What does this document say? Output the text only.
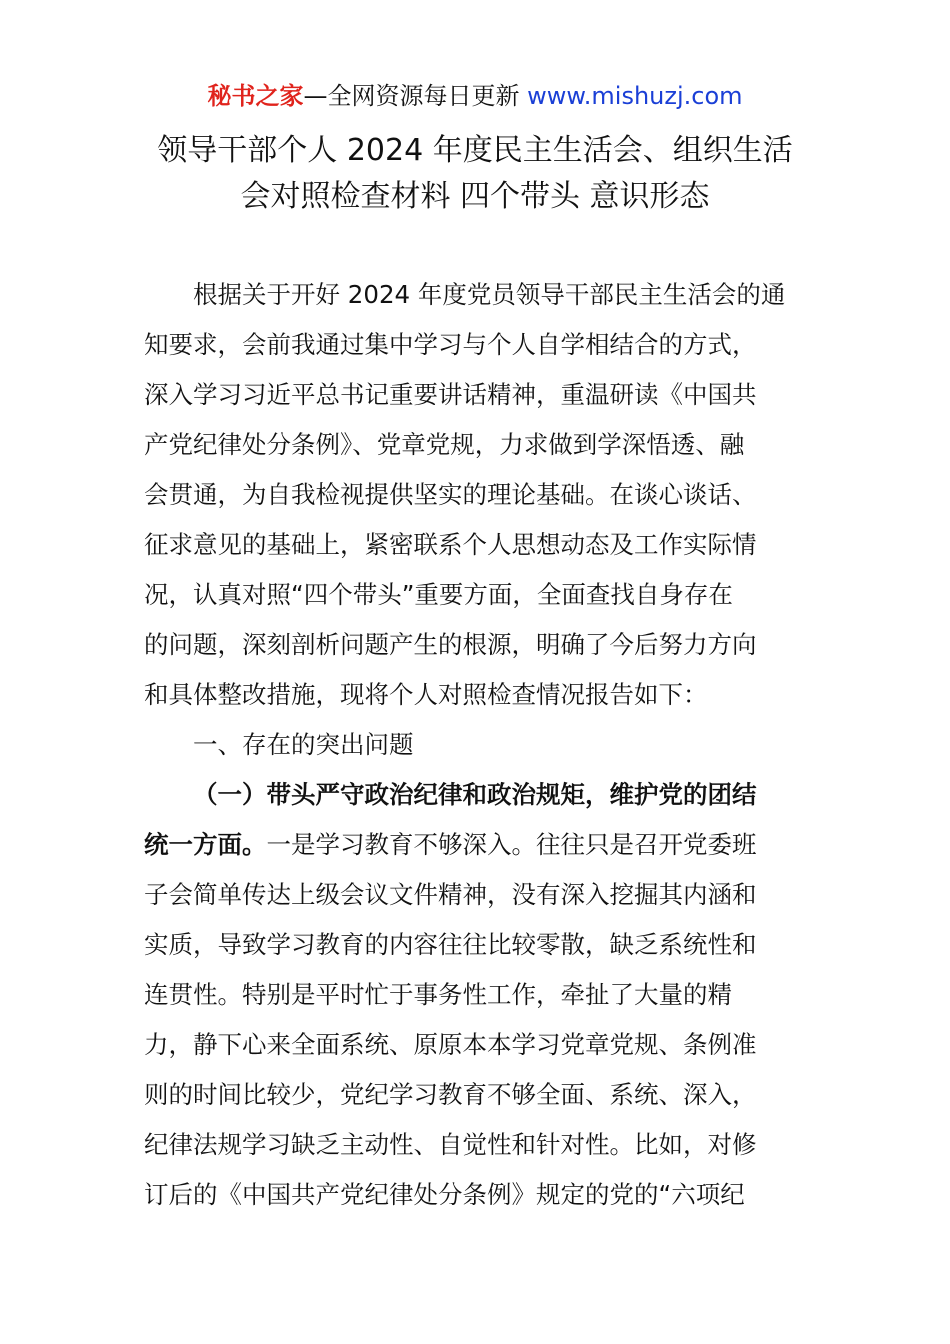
秘书之家—全网资源每日更新 www.mishuzj.com
领导干部个人 2024 年度民主生活会、组织生活
会对照检查材料 四个带头 意识形态
根据关于开好 2024 年度党员领导干部民主生活会的通
知要求，会前我通过集中学习与个人自学相结合的方式，
深入学习习近平总书记重要讲话精神，重温研读《中国共
产党纪律处分条例》、党章党规，力求做到学深悟透、融
会贯通，为自我检视提供坚实的理论基础。在谈心谈话、
征求意见的基础上，紧密联系个人思想动态及工作实际情
况，认真对照“四个带头”重要方面，全面查找自身存在
的问题，深刻剖析问题产生的根源，明确了今后努力方向
和具体整改措施，现将个人对照检查情况报告如下：
一、存在的突出问题
（一）带头严守政治纪律和政治规矩，维护党的团结
统一方面。一是学习教育不够深入。往往只是召开党委班
子会简单传达上级会议文件精神，没有深入挖掘其内涵和
实质，导致学习教育的内容往往比较零散，缺乏系统性和
连贯性。特别是平时忙于事务性工作，牵扯了大量的精
力，静下心来全面系统、原原本本学习党章党规、条例准
则的时间比较少，党纪学习教育不够全面、系统、深入，
纪律法规学习缺乏主动性、自觉性和针对性。比如，对修
订后的《中国共产党纪律处分条例》规定的党的“六项纪
